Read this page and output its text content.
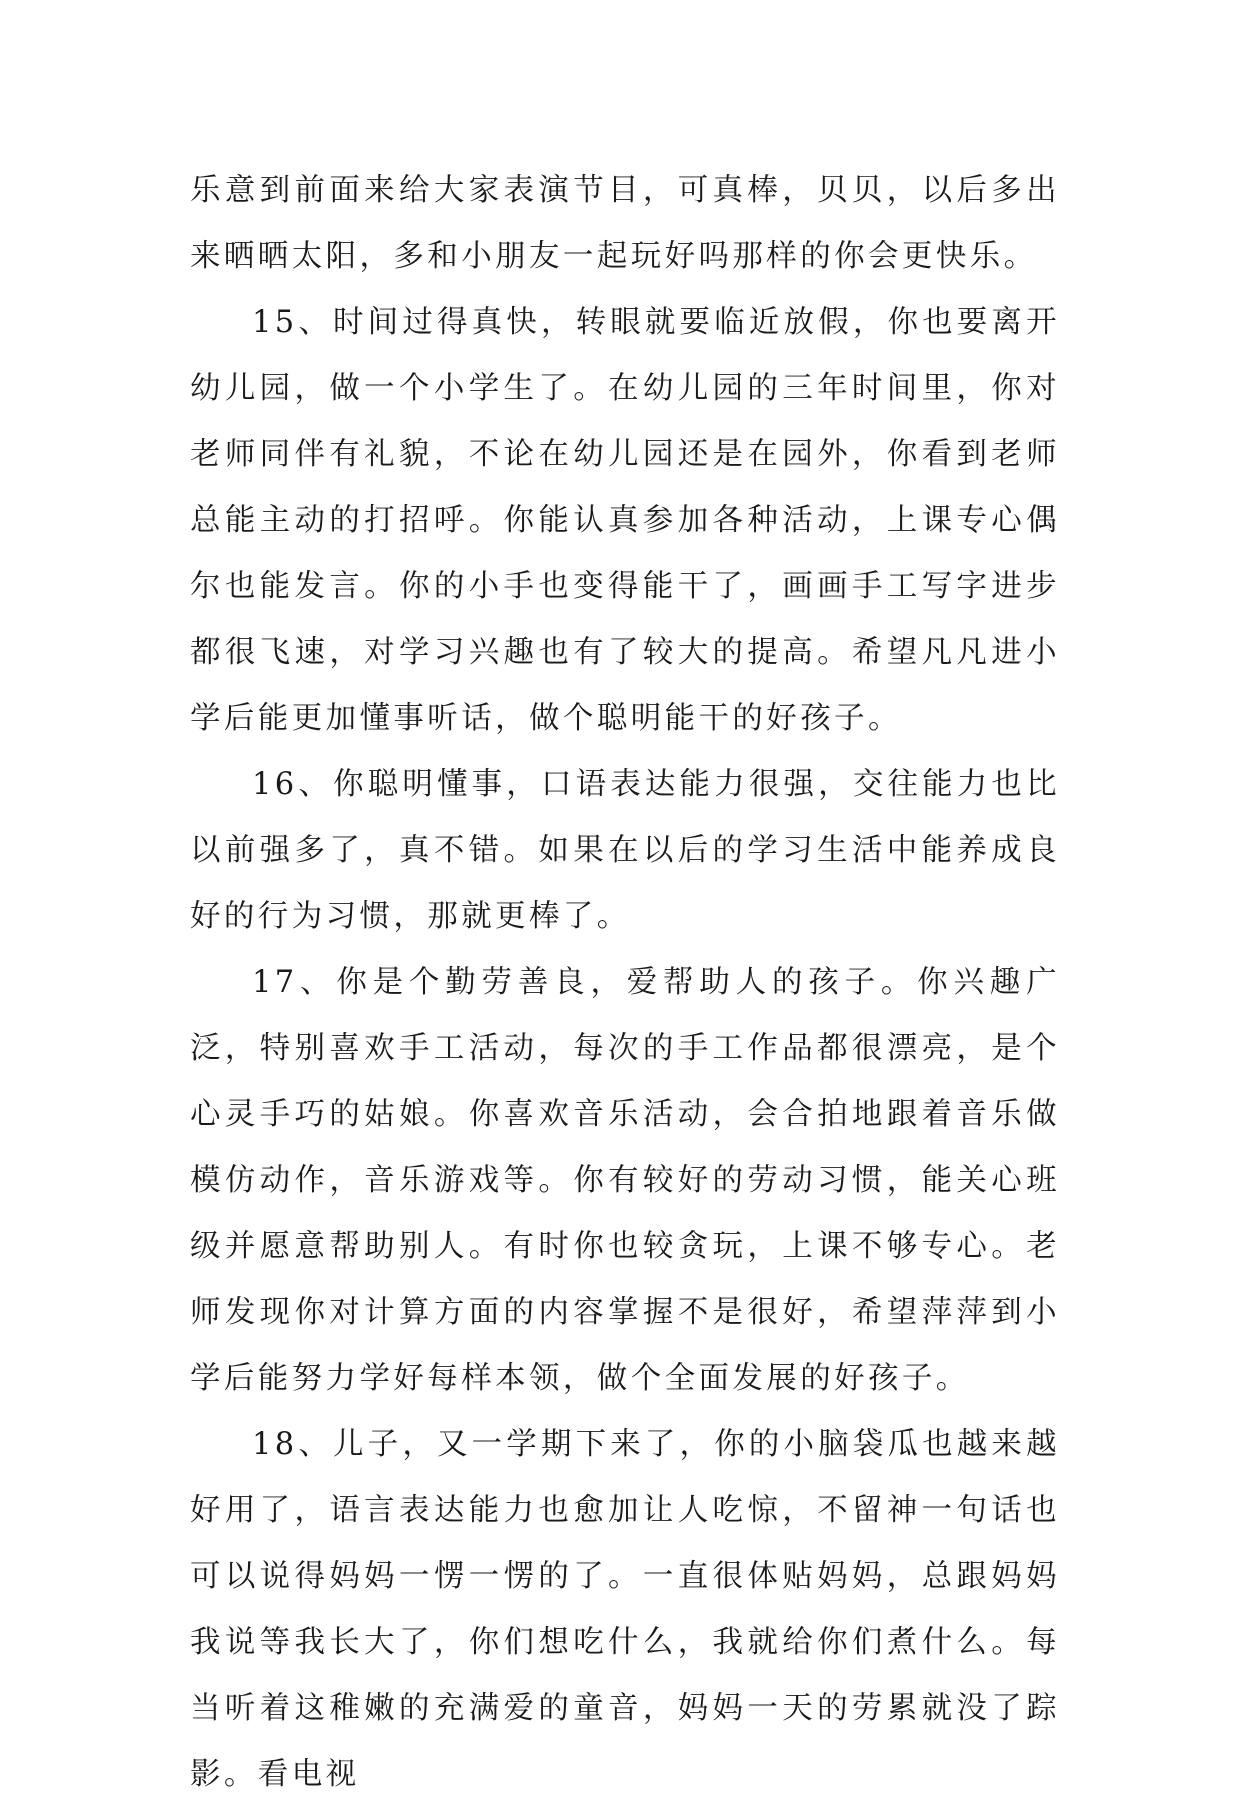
乐意到前面来给大家表演节目，可真棒，贝贝，以后多出来晒晒太阳，多和小朋友一起玩好吗那样的你会更快乐。

15、时间过得真快，转眼就要临近放假，你也要离开幼儿园，做一个小学生了。在幼儿园的三年时间里，你对老师同伴有礼貌，不论在幼儿园还是在园外，你看到老师总能主动的打招呼。你能认真参加各种活动，上课专心偶尔也能发言。你的小手也变得能干了，画画手工写字进步都很飞速，对学习兴趣也有了较大的提高。希望凡凡进小学后能更加懂事听话，做个聪明能干的好孩子。

16、你聪明懂事，口语表达能力很强，交往能力也比以前强多了，真不错。如果在以后的学习生活中能养成良好的行为习惯，那就更棒了。

17、你是个勤劳善良，爱帮助人的孩子。你兴趣广泛，特别喜欢手工活动，每次的手工作品都很漂亮，是个心灵手巧的姑娘。你喜欢音乐活动，会合拍地跟着音乐做模仿动作，音乐游戏等。你有较好的劳动习惯，能关心班级并愿意帮助别人。有时你也较贪玩，上课不够专心。老师发现你对计算方面的内容掌握不是很好，希望萍萍到小学后能努力学好每样本领，做个全面发展的好孩子。

18、儿子，又一学期下来了，你的小脑袋瓜也越来越好用了，语言表达能力也愈加让人吃惊，不留神一句话也可以说得妈妈一愣一愣的了。一直很体贴妈妈，总跟妈妈我说等我长大了，你们想吃什么，我就给你们煮什么。每当听着这稚嫩的充满爱的童音，妈妈一天的劳累就没了踪影。看电视
